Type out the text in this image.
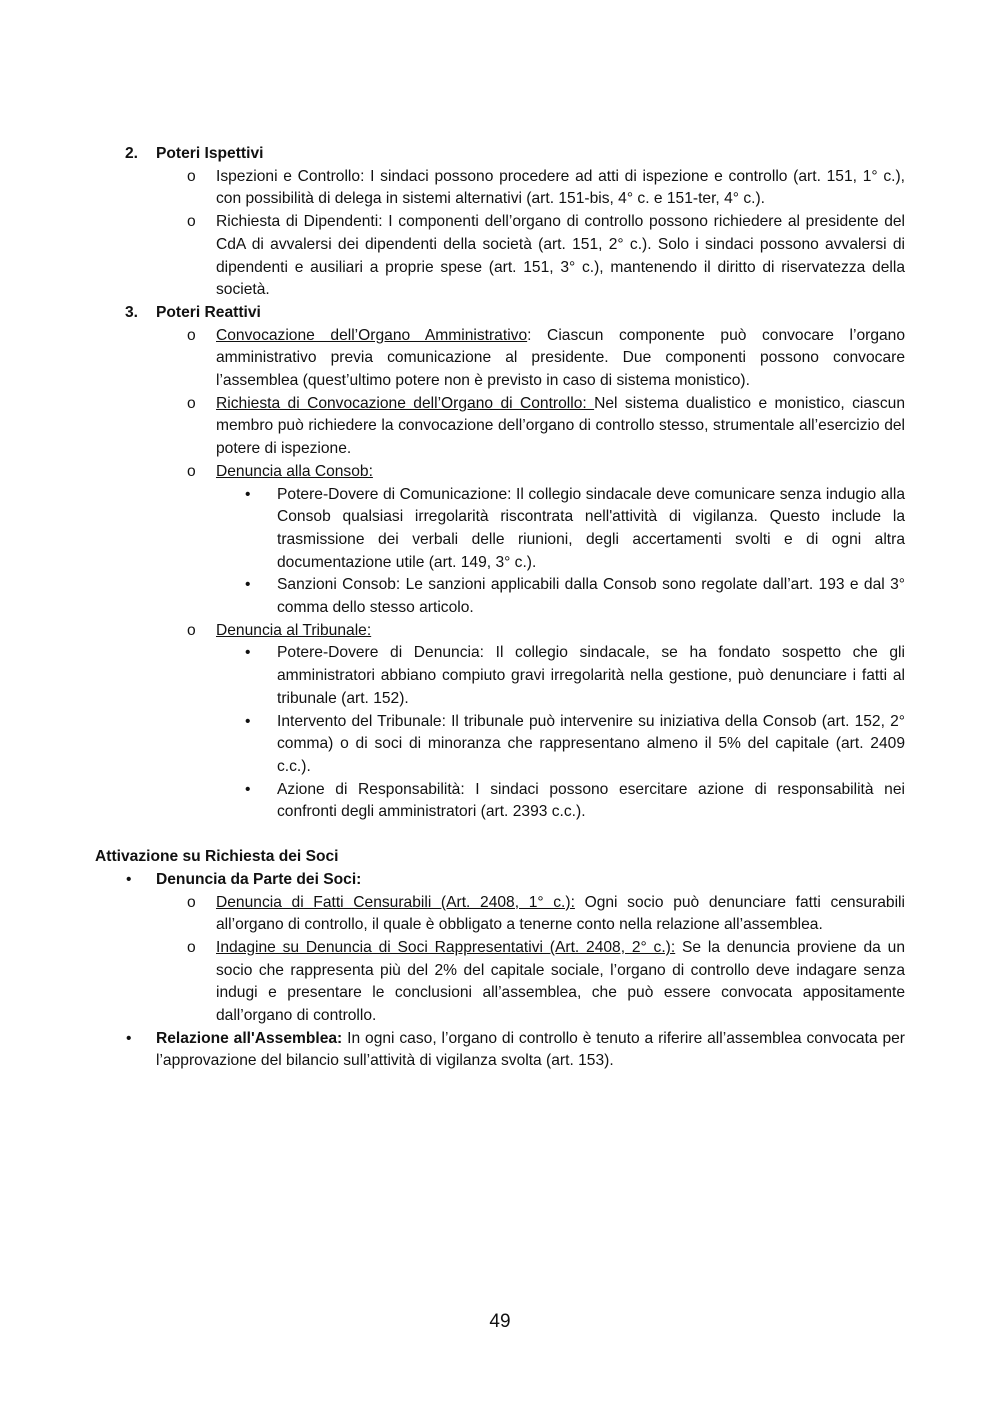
2. Poteri Ispettivi
o Ispezioni e Controllo: I sindaci possono procedere ad atti di ispezione e controllo (art. 151, 1° c.), con possibilità di delega in sistemi alternativi (art. 151-bis, 4° c. e 151-ter, 4° c.).
o Richiesta di Dipendenti: I componenti dell’organo di controllo possono richiedere al presidente del CdA di avvalersi dei dipendenti della società (art. 151, 2° c.). Solo i sindaci possono avvalersi di dipendenti e ausiliari a proprie spese (art. 151, 3° c.), mantenendo il diritto di riservatezza della società.
3. Poteri Reattivi
o Convocazione dell’Organo Amministrativo: Ciascun componente può convocare l’organo amministrativo previa comunicazione al presidente. Due componenti possono convocare l’assemblea (quest’ultimo potere non è previsto in caso di sistema monistico).
o Richiesta di Convocazione dell’Organo di Controllo: Nel sistema dualistico e monistico, ciascun membro può richiedere la convocazione dell’organo di controllo stesso, strumentale all’esercizio del potere di ispezione.
o Denuncia alla Consob:
• Potere-Dovere di Comunicazione: Il collegio sindacale deve comunicare senza indugio alla Consob qualsiasi irregolarità riscontrata nell'attività di vigilanza. Questo include la trasmissione dei verbali delle riunioni, degli accertamenti svolti e di ogni altra documentazione utile (art. 149, 3° c.).
• Sanzioni Consob: Le sanzioni applicabili dalla Consob sono regolate dall’art. 193 e dal 3° comma dello stesso articolo.
o Denuncia al Tribunale:
• Potere-Dovere di Denuncia: Il collegio sindacale, se ha fondato sospetto che gli amministratori abbiano compiuto gravi irregolarità nella gestione, può denunciare i fatti al tribunale (art. 152).
• Intervento del Tribunale: Il tribunale può intervenire su iniziativa della Consob (art. 152, 2° comma) o di soci di minoranza che rappresentano almeno il 5% del capitale (art. 2409 c.c.).
• Azione di Responsabilità: I sindaci possono esercitare azione di responsabilità nei confronti degli amministratori (art. 2393 c.c.).
Attivazione su Richiesta dei Soci
• Denuncia da Parte dei Soci:
o Denuncia di Fatti Censurabili (Art. 2408, 1° c.): Ogni socio può denunciare fatti censurabili all’organo di controllo, il quale è obbligato a tenerne conto nella relazione all’assemblea.
o Indagine su Denuncia di Soci Rappresentativi (Art. 2408, 2° c.): Se la denuncia proviene da un socio che rappresenta più del 2% del capitale sociale, l’organo di controllo deve indagare senza indugi e presentare le conclusioni all’assemblea, che può essere convocata appositamente dall’organo di controllo.
• Relazione all'Assemblea: In ogni caso, l’organo di controllo è tenuto a riferire all’assemblea convocata per l’approvazione del bilancio sull’attività di vigilanza svolta (art. 153).
49
